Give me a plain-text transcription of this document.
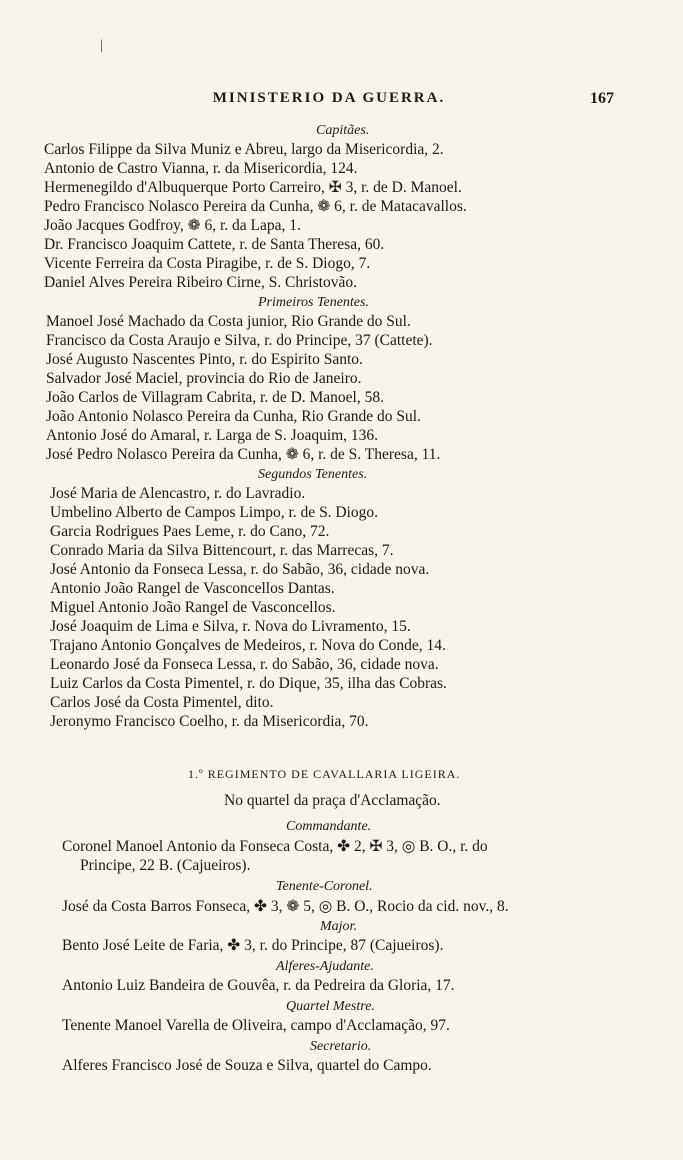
|
MINISTERIO DA GUERRA.	167
Capitães.
Carlos Filippe da Silva Muniz e Abreu, largo da Misericordia, 2.
Antonio de Castro Vianna, r. da Misericordia, 124.
Hermenegildo d'Albuquerque Porto Carreiro, ✠ 3, r. de D. Manoel.
Pedro Francisco Nolasco Pereira da Cunha, ❁ 6, r. de Matacavallos.
João Jacques Godfroy, ❁ 6, r. da Lapa, 1.
Dr. Francisco Joaquim Cattete, r. de Santa Theresa, 60.
Vicente Ferreira da Costa Piragibe, r. de S. Diogo, 7.
Daniel Alves Pereira Ribeiro Cirne, S. Christovão.
Primeiros Tenentes.
Manoel José Machado da Costa junior, Rio Grande do Sul.
Francisco da Costa Araujo e Silva, r. do Principe, 37 (Cattete).
José Augusto Nascentes Pinto, r. do Espirito Santo.
Salvador José Maciel, provincia do Rio de Janeiro.
João Carlos de Villagram Cabrita, r. de D. Manoel, 58.
João Antonio Nolasco Pereira da Cunha, Rio Grande do Sul.
Antonio José do Amaral, r. Larga de S. Joaquim, 136.
José Pedro Nolasco Pereira da Cunha, ❁ 6, r. de S. Theresa, 11.
Segundos Tenentes.
José Maria de Alencastro, r. do Lavradio.
Umbelino Alberto de Campos Limpo, r. de S. Diogo.
Garcia Rodrigues Paes Leme, r. do Cano, 72.
Conrado Maria da Silva Bittencourt, r. das Marrecas, 7.
José Antonio da Fonseca Lessa, r. do Sabão, 36, cidade nova.
Antonio João Rangel de Vasconcellos Dantas.
Miguel Antonio João Rangel de Vasconcellos.
José Joaquim de Lima e Silva, r. Nova do Livramento, 15.
Trajano Antonio Gonçalves de Medeiros, r. Nova do Conde, 14.
Leonardo José da Fonseca Lessa, r. do Sabão, 36, cidade nova.
Luiz Carlos da Costa Pimentel, r. do Dique, 35, ilha das Cobras.
Carlos José da Costa Pimentel, dito.
Jeronymo Francisco Coelho, r. da Misericordia, 70.
1.º REGIMENTO DE CAVALLARIA LIGEIRA.
No quartel da praça d'Acclamação.
Commandante.
Coronel Manoel Antonio da Fonseca Costa, ✤ 2, ✠ 3, ◎ B. O., r. do
Principe, 22 B. (Cajueiros).
Tenente-Coronel.
José da Costa Barros Fonseca, ✤ 3, ❁ 5, ◎ B. O., Rocio da cid. nov., 8.
Major.
Bento José Leite de Faria, ✤ 3, r. do Principe, 87 (Cajueiros).
Alferes-Ajudante.
Antonio Luiz Bandeira de Gouvêa, r. da Pedreira da Gloria, 17.
Quartel Mestre.
Tenente Manoel Varella de Oliveira, campo d'Acclamação, 97.
Secretario.
Alferes Francisco José de Souza e Silva, quartel do Campo.
